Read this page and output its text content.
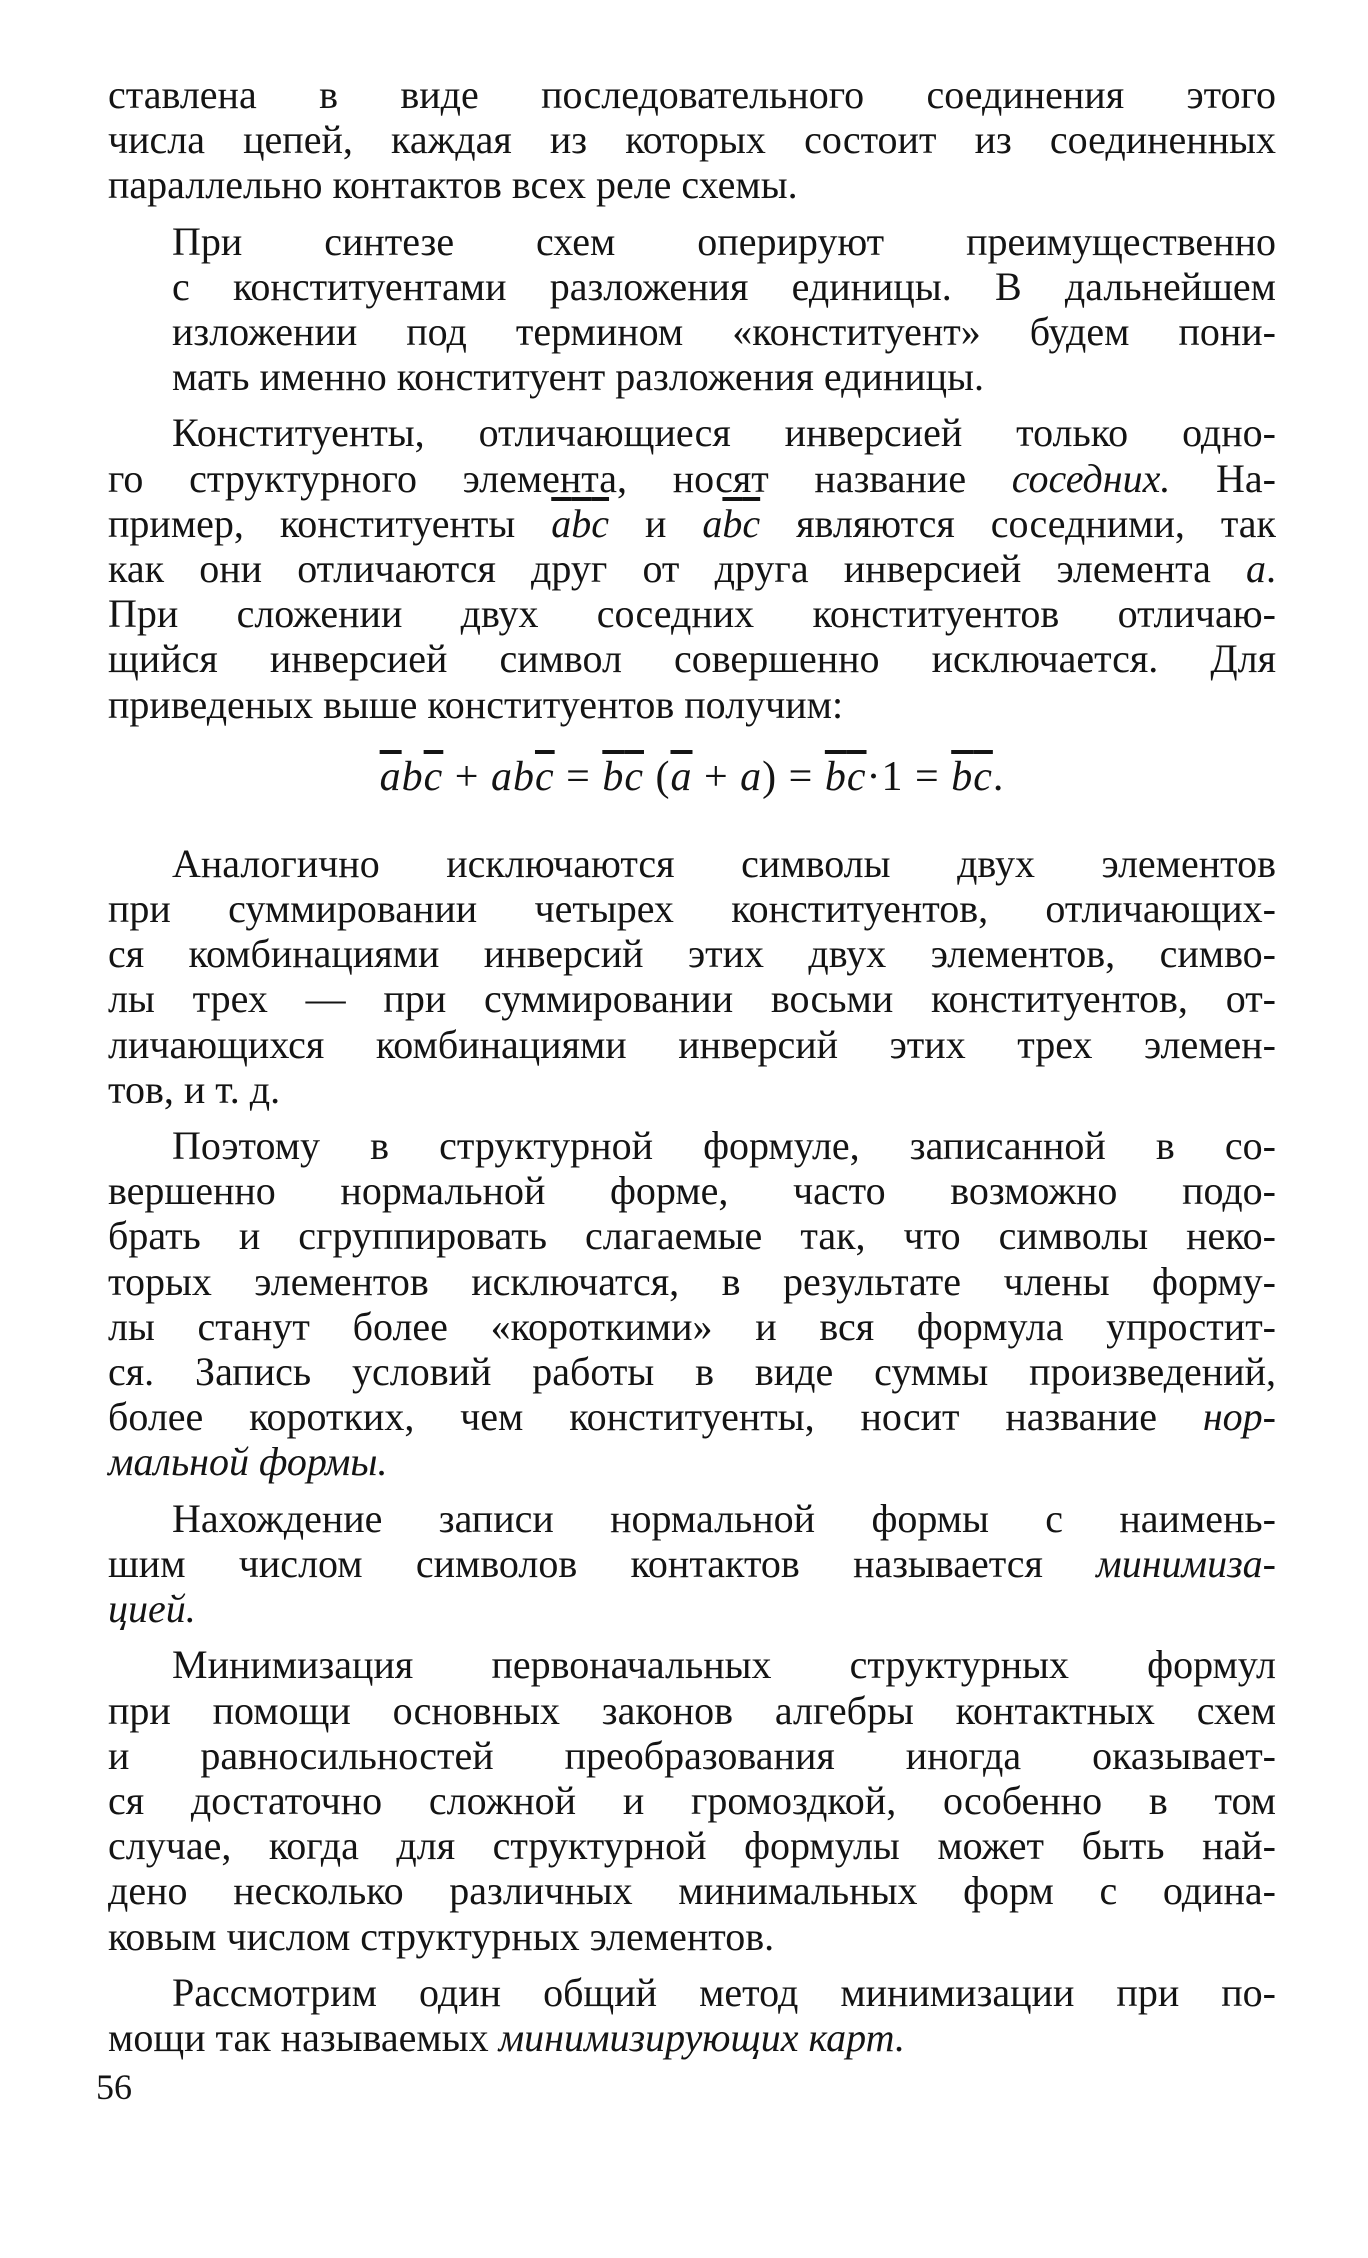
ставлена в виде последовательного соединения этого
числа цепей, каждая из которых состоит из соединенных
параллельно контактов всех реле схемы.
При синтезе схем оперируют преимущественно
с конституентами разложения единицы. В дальнейшем
изложении под термином «конституент» будем пони-
мать именно конституент разложения единицы.
Конституенты, отличающиеся инверсией только одно-
го структурного элемента, носят название соседних. На-
пример, конституенты $\overline{a}\overline{b}\overline{c}$ и $a\overline{b}\overline{c}$ являются соседними, так
как они отличаются друг от друга инверсией элемента a.
При сложении двух соседних конституентов отличаю-
щийся инверсией символ совершенно исключается. Для
приведеных выше конституентов получим:
$\overline{a}b\overline{c} + ab\overline{c} = \overline{b}\overline{c}$ $(\overline{a} + a) = \overline{b}\overline{c}\cdot 1 = \overline{b}\overline{c}$.
Аналогично исключаются символы двух элементов
при суммировании четырех конституентов, отличающих-
ся комбинациями инверсий этих двух элементов, симво-
лы трех — при суммировании восьми конституентов, от-
личающихся комбинациями инверсий этих трех элемен-
тов, и т. д.
Поэтому в структурной формуле, записанной в со-
вершенно нормальной форме, часто возможно подо-
брать и сгруппировать слагаемые так, что символы неко-
торых элементов исключатся, в результате члены форму-
лы станут более «короткими» и вся формула упростит-
ся. Запись условий работы в виде суммы произведений,
более коротких, чем конституенты, носит название нор-
мальной формы.
Нахождение записи нормальной формы с наимень-
шим числом символов контактов называется минимиза-
цией.
Минимизация первоначальных структурных формул
при помощи основных законов алгебры контактных схем
и равносильностей преобразования иногда оказывает-
ся достаточно сложной и громоздкой, особенно в том
случае, когда для структурной формулы может быть най-
дено несколько различных минимальных форм с одина-
ковым числом структурных элементов.
Рассмотрим один общий метод минимизации при по-
мощи так называемых минимизирующих карт.
56
